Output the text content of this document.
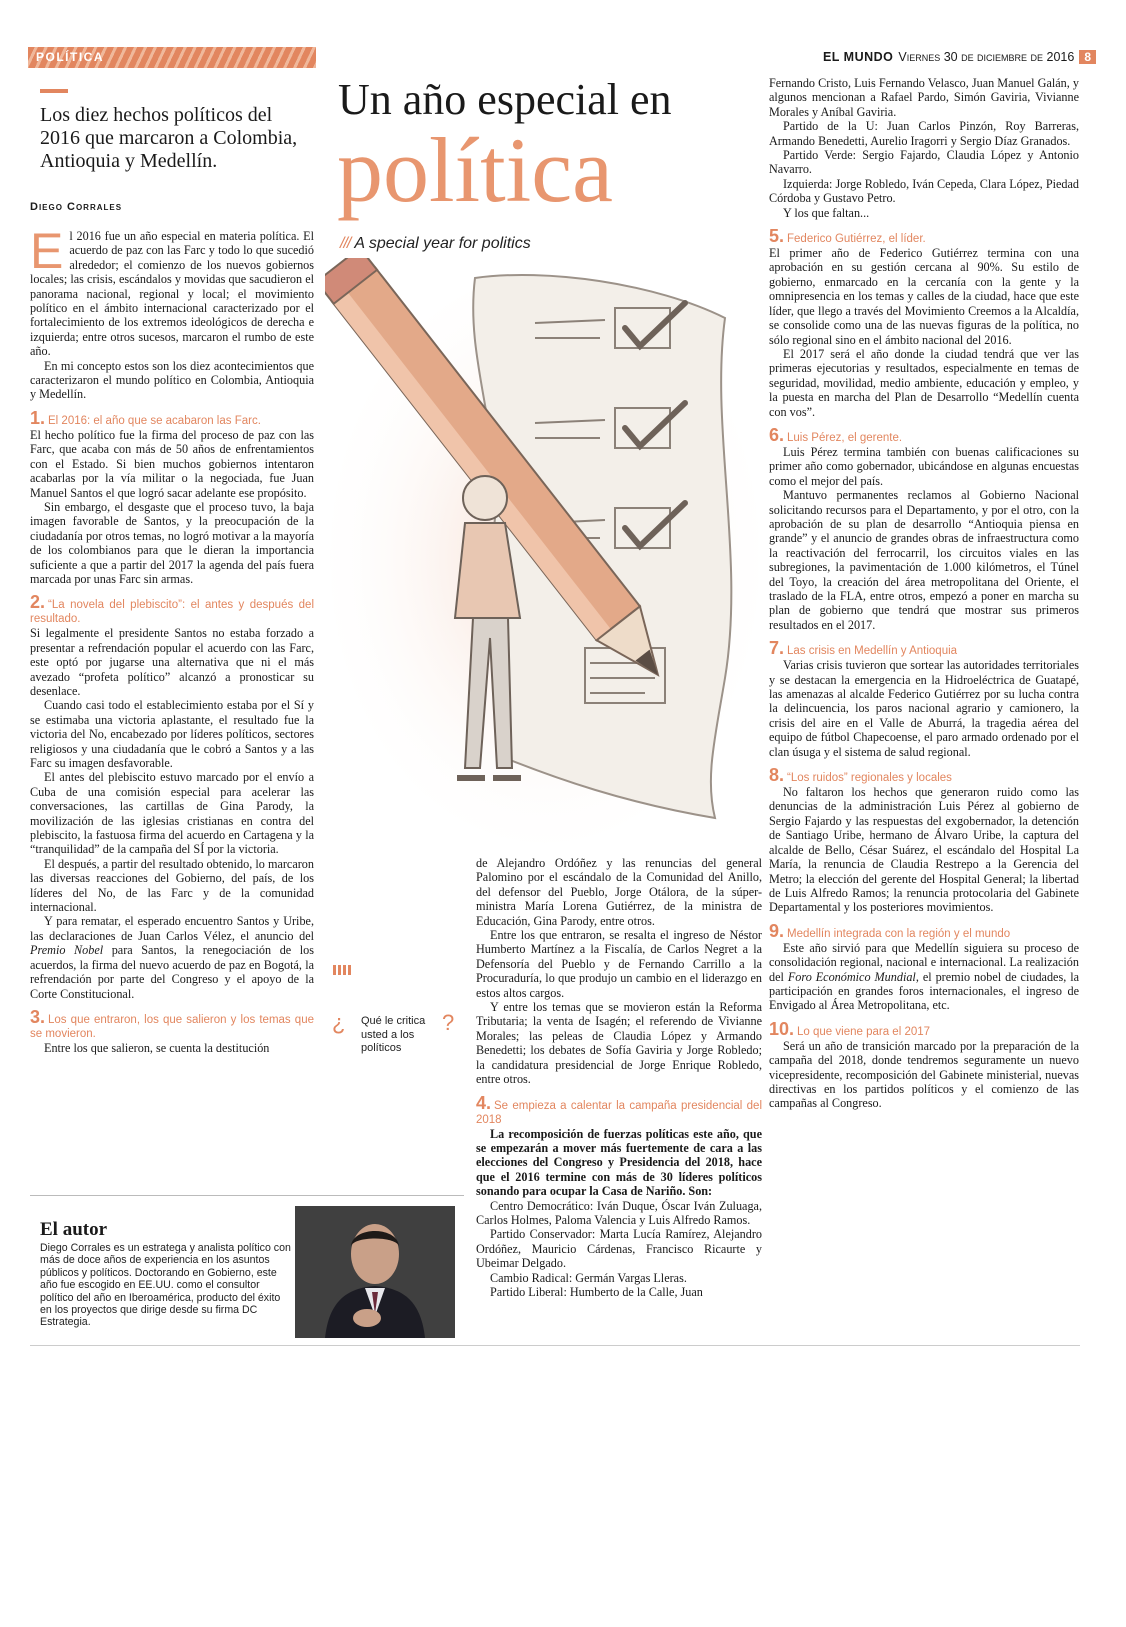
POLÍTICA	EL MUNDO Viernes 30 de diciembre de 2016 8
Los diez hechos políticos del 2016 que marcaron a Colombia, Antioquia y Medellín.
Diego Corrales
Un año especial en
política
/// A special year for politics

El 2016 fue un año especial en materia política. El acuerdo de paz con las Farc y todo lo que sucedió alrededor; el comienzo de los nuevos gobiernos locales; las crisis, escándalos y movidas que sacudieron el panorama nacional, regional y local; el movimiento político en el ámbito internacional caracterizado por el fortalecimiento de los extremos ideológicos de derecha e izquierda; entre otros sucesos, marcaron el rumbo de este año.

En mi concepto estos son los diez acontecimientos que caracterizaron el mundo político en Colombia, Antioquia y Medellín.

1. El 2016: el año que se acabaron las Farc.

El hecho político fue la firma del proceso de paz con las Farc, que acaba con más de 50 años de enfrentamientos con el Estado. Si bien muchos gobiernos intentaron acabarlas por la vía militar o la negociada, fue Juan Manuel Santos el que logró sacar adelante ese propósito.

Sin embargo, el desgaste que el proceso tuvo, la baja imagen favorable de Santos, y la preocupación de la ciudadanía por otros temas, no logró motivar a la mayoría de los colombianos para que le dieran la importancia suficiente a que a partir del 2017 la agenda del país fuera marcada por unas Farc sin armas.

2. “La novela del plebiscito”: el antes y después del resultado.

Si legalmente el presidente Santos no estaba forzado a presentar a refrendación popular el acuerdo con las Farc, este optó por jugarse una alternativa que ni el más avezado “profeta político” alcanzó a pronosticar su desenlace.

Cuando casi todo el establecimiento estaba por el Sí y se estimaba una victoria aplastante, el resultado fue la victoria del No, encabezado por líderes políticos, sectores religiosos y una ciudadanía que le cobró a Santos y a las Farc su imagen desfavorable.

El antes del plebiscito estuvo marcado por el envío a Cuba de una comisión especial para acelerar las conversaciones, las cartillas de Gina Parody, la movilización de las iglesias cristianas en contra del plebiscito, la fastuosa firma del acuerdo en Cartagena y la “tranquilidad” de la campaña del SÍ por la victoria.

El después, a partir del resultado obtenido, lo marcaron las diversas reacciones del Gobierno, del país, de los líderes del No, de las Farc y de la comunidad internacional.

Y para rematar, el esperado encuentro Santos y Uribe, las declaraciones de Juan Carlos Vélez, el anuncio del Premio Nobel para Santos, la renegociación de los acuerdos, la firma del nuevo acuerdo de paz en Bogotá, la refrendación por parte del Congreso y el apoyo de la Corte Constitucional.

3. Los que entraron, los que salieron y los temas que se movieron.

Entre los que salieron, se cuenta la destitución

de Alejandro Ordóñez y las renuncias del general Palomino por el escándalo de la Comunidad del Anillo, del defensor del Pueblo, Jorge Otálora, de la súper-ministra María Lorena Gutiérrez, de la ministra de Educación, Gina Parody, entre otros.

Entre los que entraron, se resalta el ingreso de Néstor Humberto Martínez a la Fiscalía, de Carlos Negret a la Defensoría del Pueblo y de Fernando Carrillo a la Procuraduría, lo que produjo un cambio en el liderazgo en estos altos cargos.

Y entre los temas que se movieron están la Reforma Tributaria; la venta de Isagén; el referendo de Vivianne Morales; las peleas de Claudia López y Armando Benedetti; los debates de Sofía Gaviria y Jorge Robledo; la candidatura presidencial de Jorge Enrique Robledo, entre otros.

4. Se empieza a calentar la campaña presidencial del 2018

La recomposición de fuerzas políticas este año, que se empezarán a mover más fuertemente de cara a las elecciones del Congreso y Presidencia del 2018, hace que el 2016 termine con más de 30 líderes políticos sonando para ocupar la Casa de Nariño. Son:

Centro Democrático: Iván Duque, Óscar Iván Zuluaga, Carlos Holmes, Paloma Valencia y Luis Alfredo Ramos.

Partido Conservador: Marta Lucía Ramírez, Alejandro Ordóñez, Mauricio Cárdenas, Francisco Ricaurte y Ubeimar Delgado.

Cambio Radical: Germán Vargas Lleras.

Partido Liberal: Humberto de la Calle, Juan

¿ Qué le critica usted a los políticos
?

Fernando Cristo, Luis Fernando Velasco, Juan Manuel Galán, y algunos mencionan a Rafael Pardo, Simón Gaviria, Vivianne Morales y Aníbal Gaviria.

Partido de la U: Juan Carlos Pinzón, Roy Barreras, Armando Benedetti, Aurelio Iragorri y Sergio Díaz Granados.

Partido Verde: Sergio Fajardo, Claudia López y Antonio Navarro.

Izquierda: Jorge Robledo, Iván Cepeda, Clara López, Piedad Córdoba y Gustavo Petro.

Y los que faltan...

5. Federico Gutiérrez, el líder.

El primer año de Federico Gutiérrez termina con una aprobación en su gestión cercana al 90%. Su estilo de gobierno, enmarcado en la cercanía con la gente y la omnipresencia en los temas y calles de la ciudad, hace que este líder, que llego a través del Movimiento Creemos a la Alcaldía, se consolide como una de las nuevas figuras de la política, no sólo regional sino en el ámbito nacional del 2016.

El 2017 será el año donde la ciudad tendrá que ver las primeras ejecutorias y resultados, especialmente en temas de seguridad, movilidad, medio ambiente, educación y empleo, y la puesta en marcha del Plan de Desarrollo “Medellín cuenta con vos”.

6. Luis Pérez, el gerente.

Luis Pérez termina también con buenas calificaciones su primer año como gobernador, ubicándose en algunas encuestas como el mejor del país.

Mantuvo permanentes reclamos al Gobierno Nacional solicitando recursos para el Departamento, y por el otro, con la aprobación de su plan de desarrollo “Antioquia piensa en grande” y el anuncio de grandes obras de infraestructura como la reactivación del ferrocarril, los circuitos viales en las subregiones, la pavimentación de 1.000 kilómetros, el Túnel del Toyo, la creación del área metropolitana del Oriente, el traslado de la FLA, entre otros, empezó a poner en marcha su plan de gobierno que tendrá que mostrar sus primeros resultados en el 2017.

7. Las crisis en Medellín y Antioquia

Varias crisis tuvieron que sortear las autoridades territoriales y se destacan la emergencia en la Hidroeléctrica de Guatapé, las amenazas al alcalde Federico Gutiérrez por su lucha contra la delincuencia, los paros nacional agrario y camionero, la crisis del aire en el Valle de Aburrá, la tragedia aérea del equipo de fútbol Chapecoense, el paro armado ordenado por el clan úsuga y el sistema de salud regional.

8. “Los ruidos” regionales y locales

No faltaron los hechos que generaron ruido como las denuncias de la administración Luis Pérez al gobierno de Sergio Fajardo y las respuestas del exgobernador, la detención de Santiago Uribe, hermano de Álvaro Uribe, la captura del alcalde de Bello, César Suárez, el escándalo del Hospital La María, la renuncia de Claudia Restrepo a la Gerencia del Metro; la elección del gerente del Hospital General; la libertad de Luis Alfredo Ramos; la renuncia protocolaria del Gabinete Departamental y los posteriores movimientos.

9. Medellín integrada con la región y el mundo

Este año sirvió para que Medellín siguiera su proceso de consolidación regional, nacional e internacional. La realización del Foro Económico Mundial, el premio nobel de ciudades, la participación en grandes foros internacionales, el ingreso de Envigado al Área Metropolitana, etc.

10. Lo que viene para el 2017

Será un año de transición marcado por la preparación de la campaña del 2018, donde tendremos seguramente un nuevo vicepresidente, recomposición del Gabinete ministerial, nuevas directivas en los partidos políticos y el comienzo de las campañas al Congreso.

El autor
Diego Corrales es un estratega y analista político con más de doce años de experiencia en los asuntos públicos y políticos. Doctorando en Gobierno, este año fue escogido en EE.UU. como el consultor político del año en Iberoamérica, producto del éxito en los proyectos que dirige desde su firma DC Estrategia.
